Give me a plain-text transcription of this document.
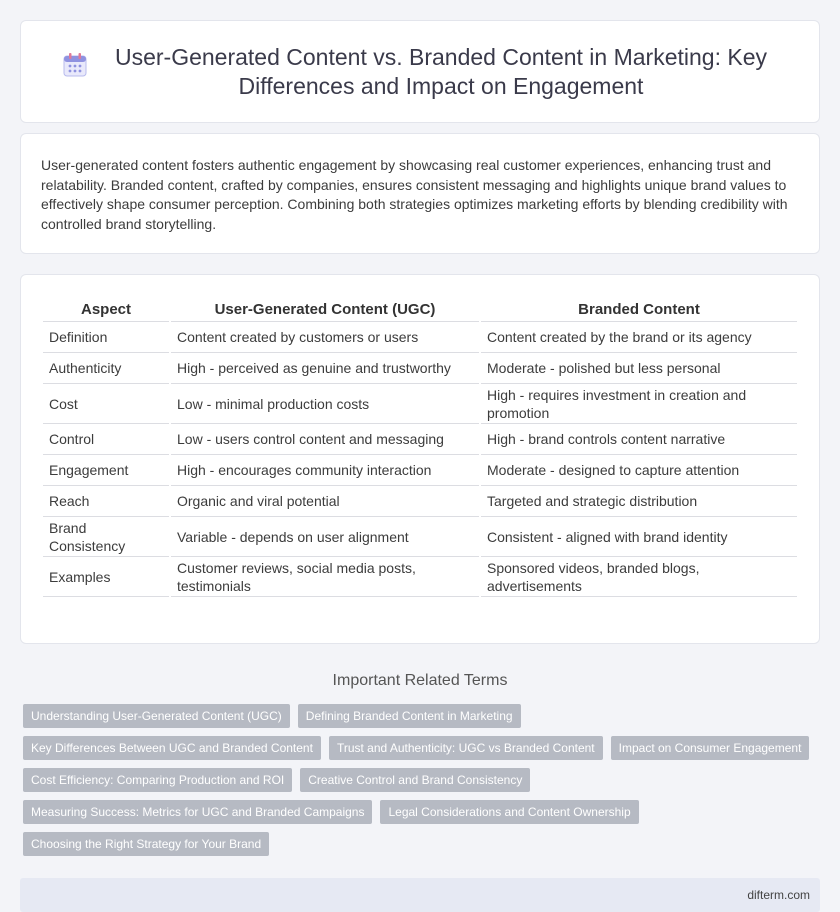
User-Generated Content vs. Branded Content in Marketing: Key Differences and Impact on Engagement

User-generated content fosters authentic engagement by showcasing real customer experiences, enhancing trust and relatability. Branded content, crafted by companies, ensures consistent messaging and highlights unique brand values to effectively shape consumer perception. Combining both strategies optimizes marketing efforts by blending credibility with controlled brand storytelling.

Aspect	User-Generated Content (UGC)	Branded Content
Definition	Content created by customers or users	Content created by the brand or its agency
Authenticity	High - perceived as genuine and trustworthy	Moderate - polished but less personal
Cost	Low - minimal production costs	High - requires investment in creation and promotion
Control	Low - users control content and messaging	High - brand controls content narrative
Engagement	High - encourages community interaction	Moderate - designed to capture attention
Reach	Organic and viral potential	Targeted and strategic distribution
Brand Consistency	Variable - depends on user alignment	Consistent - aligned with brand identity
Examples	Customer reviews, social media posts, testimonials	Sponsored videos, branded blogs, advertisements
Important Related Terms
Understanding User-Generated Content (UGC)	Defining Branded Content in Marketing
Key Differences Between UGC and Branded Content	Trust and Authenticity: UGC vs Branded Content	Impact on Consumer Engagement
Cost Efficiency: Comparing Production and ROI	Creative Control and Brand Consistency
Measuring Success: Metrics for UGC and Branded Campaigns	Legal Considerations and Content Ownership
Choosing the Right Strategy for Your Brand
difterm.com
